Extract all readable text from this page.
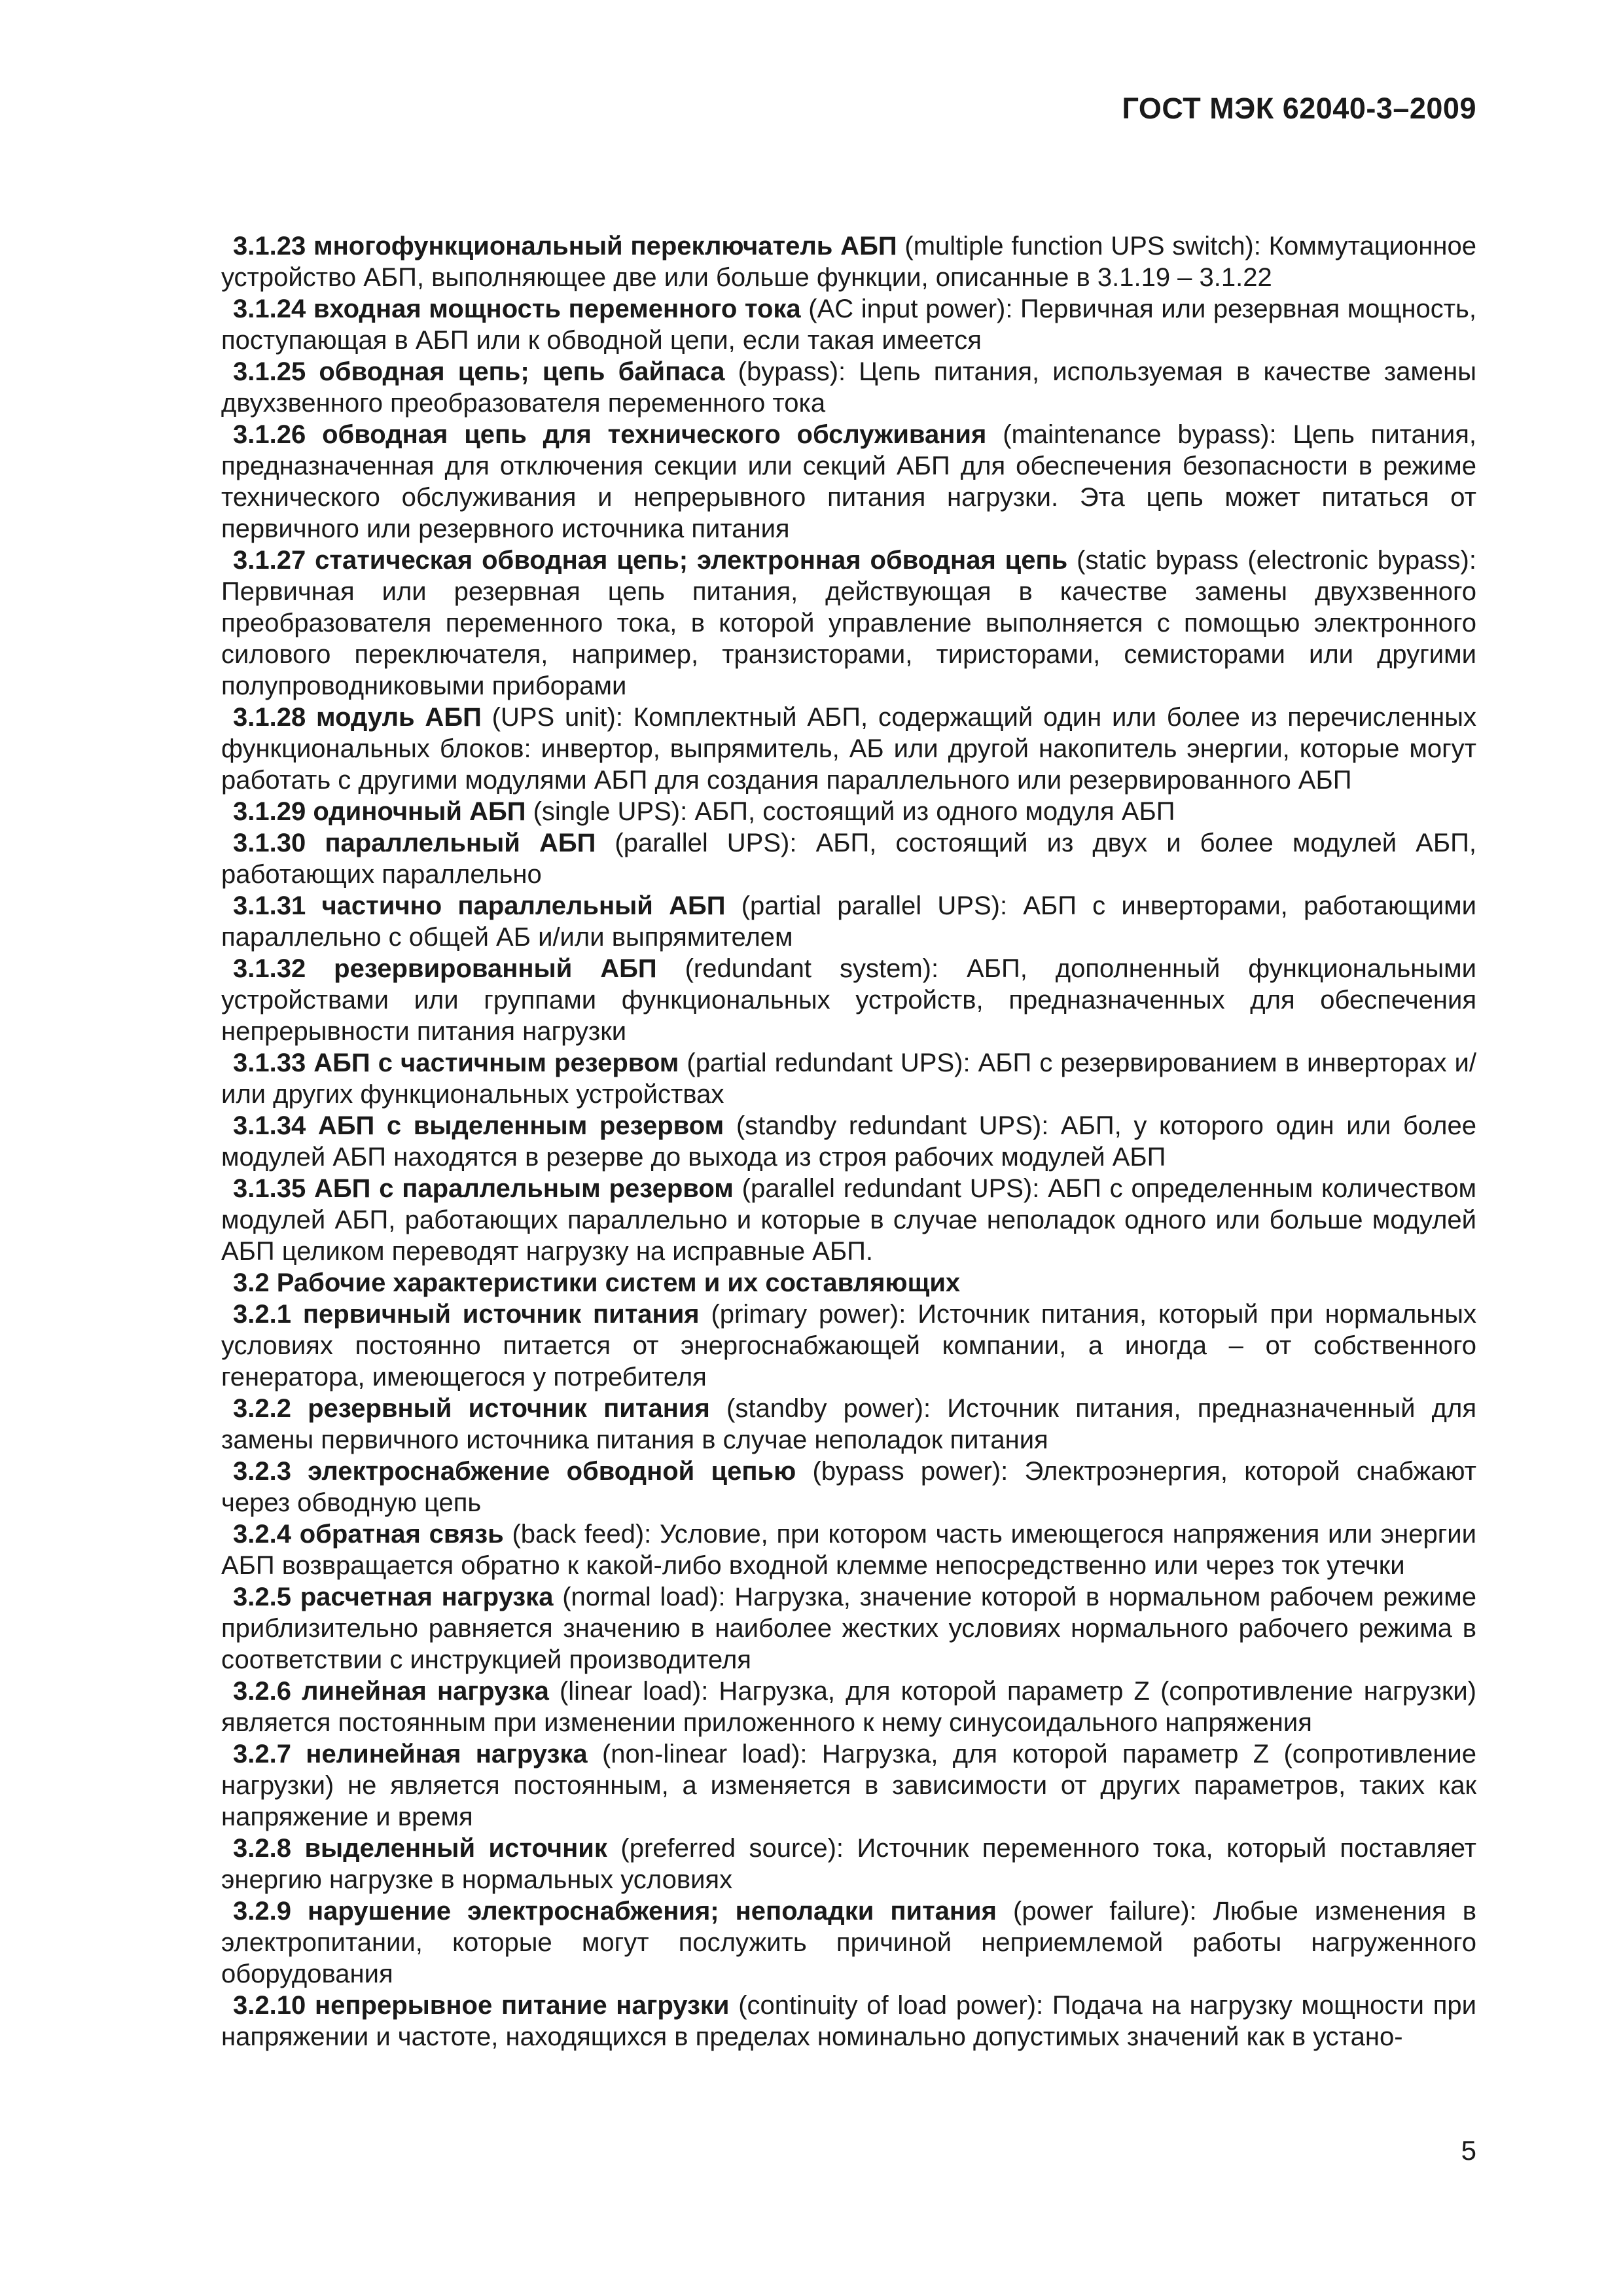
ГОСТ МЭК 62040-3–2009

3.1.23 многофункциональный переключатель АБП (multiple function UPS switch): Коммутационное устройство АБП, выполняющее две или больше функции, описанные в 3.1.19 – 3.1.22

3.1.24 входная мощность переменного тока (AC input power): Первичная или резервная мощность, поступающая в АБП или к обводной цепи, если такая имеется

3.1.25 обводная цепь; цепь байпаса (bypass): Цепь питания, используемая в качестве замены двухзвенного преобразователя переменного тока

3.1.26 обводная цепь для технического обслуживания (maintenance bypass): Цепь питания, предназначенная для отключения секции или секций АБП для обеспечения безопасности в режиме технического обслуживания и непрерывного питания нагрузки. Эта цепь может питаться от первичного или резервного источника питания

3.1.27 статическая обводная цепь; электронная обводная цепь (static bypass (electronic bypass): Первичная или резервная цепь питания, действующая в качестве замены двухзвенного преобразователя переменного тока, в которой управление выполняется с помощью электронного силового переключателя, например, транзисторами, тиристорами, семисторами или другими полупроводниковыми приборами

3.1.28 модуль АБП (UPS unit): Комплектный АБП, содержащий один или более из перечисленных функциональных блоков: инвертор, выпрямитель, АБ или другой накопитель энергии, которые могут работать с другими модулями АБП для создания параллельного или резервированного АБП

3.1.29 одиночный АБП (single UPS): АБП, состоящий из одного модуля АБП

3.1.30 параллельный АБП (parallel UPS): АБП, состоящий из двух и более модулей АБП, работающих параллельно

3.1.31 частично параллельный АБП (partial parallel UPS): АБП с инверторами, работающими параллельно с общей АБ и/или выпрямителем

3.1.32 резервированный АБП (redundant system): АБП, дополненный функциональными устройствами или группами функциональных устройств, предназначенных для обеспечения непрерывности питания нагрузки

3.1.33 АБП с частичным резервом (partial redundant UPS): АБП с резервированием в инверторах и/или других функциональных устройствах

3.1.34 АБП с выделенным резервом (standby redundant UPS): АБП, у которого один или более модулей АБП находятся в резерве до выхода из строя рабочих модулей АБП

3.1.35 АБП с параллельным резервом (parallel redundant UPS): АБП с определенным количеством модулей АБП, работающих параллельно и которые в случае неполадок одного или больше модулей АБП целиком переводят нагрузку на исправные АБП.

3.2 Рабочие характеристики систем и их составляющих

3.2.1 первичный источник питания (primary power): Источник питания, который при нормальных условиях постоянно питается от энергоснабжающей компании, а иногда – от собственного генератора, имеющегося у потребителя

3.2.2 резервный источник питания (standby power): Источник питания, предназначенный для замены первичного источника питания в случае неполадок питания

3.2.3 электроснабжение обводной цепью (bypass power): Электроэнергия, которой снабжают через обводную цепь

3.2.4 обратная связь (back feed): Условие, при котором часть имеющегося напряжения или энергии АБП возвращается обратно к какой-либо входной клемме непосредственно или через ток утечки

3.2.5 расчетная нагрузка (normal load): Нагрузка, значение которой в нормальном рабочем режиме приблизительно равняется значению в наиболее жестких условиях нормального рабочего режима в соответствии с инструкцией производителя

3.2.6 линейная нагрузка (linear load): Нагрузка, для которой параметр Z (сопротивление нагрузки) является постоянным при изменении приложенного к нему синусоидального напряжения

3.2.7 нелинейная нагрузка (non-linear load): Нагрузка, для которой параметр Z (сопротивление нагрузки) не является постоянным, а изменяется в зависимости от других параметров, таких как напряжение и время

3.2.8 выделенный источник (preferred source): Источник переменного тока, который поставляет энергию нагрузке в нормальных условиях

3.2.9 нарушение электроснабжения; неполадки питания (power failure): Любые изменения в электропитании, которые могут послужить причиной неприемлемой работы нагруженного оборудования

3.2.10 непрерывное питание нагрузки (continuity of load power): Подача на нагрузку мощности при напряжении и частоте, находящихся в пределах номинально допустимых значений как в устано-

5
